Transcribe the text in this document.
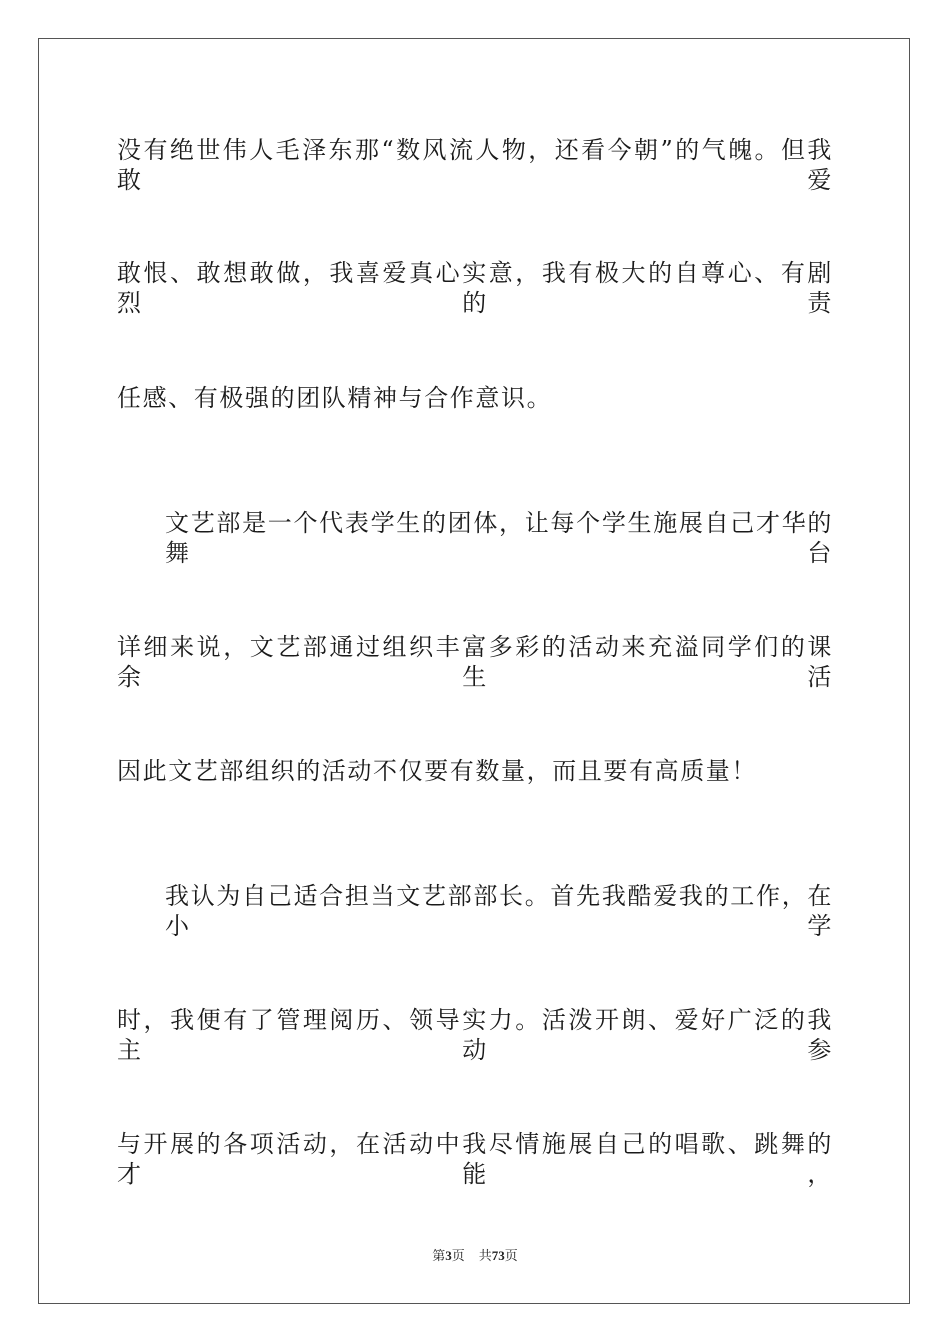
没有绝世伟人毛泽东那“数风流人物，还看今朝”的气魄。但我敢爱
敢恨、敢想敢做，我喜爱真心实意，我有极大的自尊心、有剧烈的责
任感、有极强的团队精神与合作意识。
文艺部是一个代表学生的团体，让每个学生施展自己才华的舞台
详细来说，文艺部通过组织丰富多彩的活动来充溢同学们的课余生活
因此文艺部组织的活动不仅要有数量，而且要有高质量！
我认为自己适合担当文艺部部长。首先我酷爱我的工作，在小学
时，我便有了管理阅历、领导实力。活泼开朗、爱好广泛的我主动参
与开展的各项活动，在活动中我尽情施展自己的唱歌、跳舞的才能，
第3页 共73页
